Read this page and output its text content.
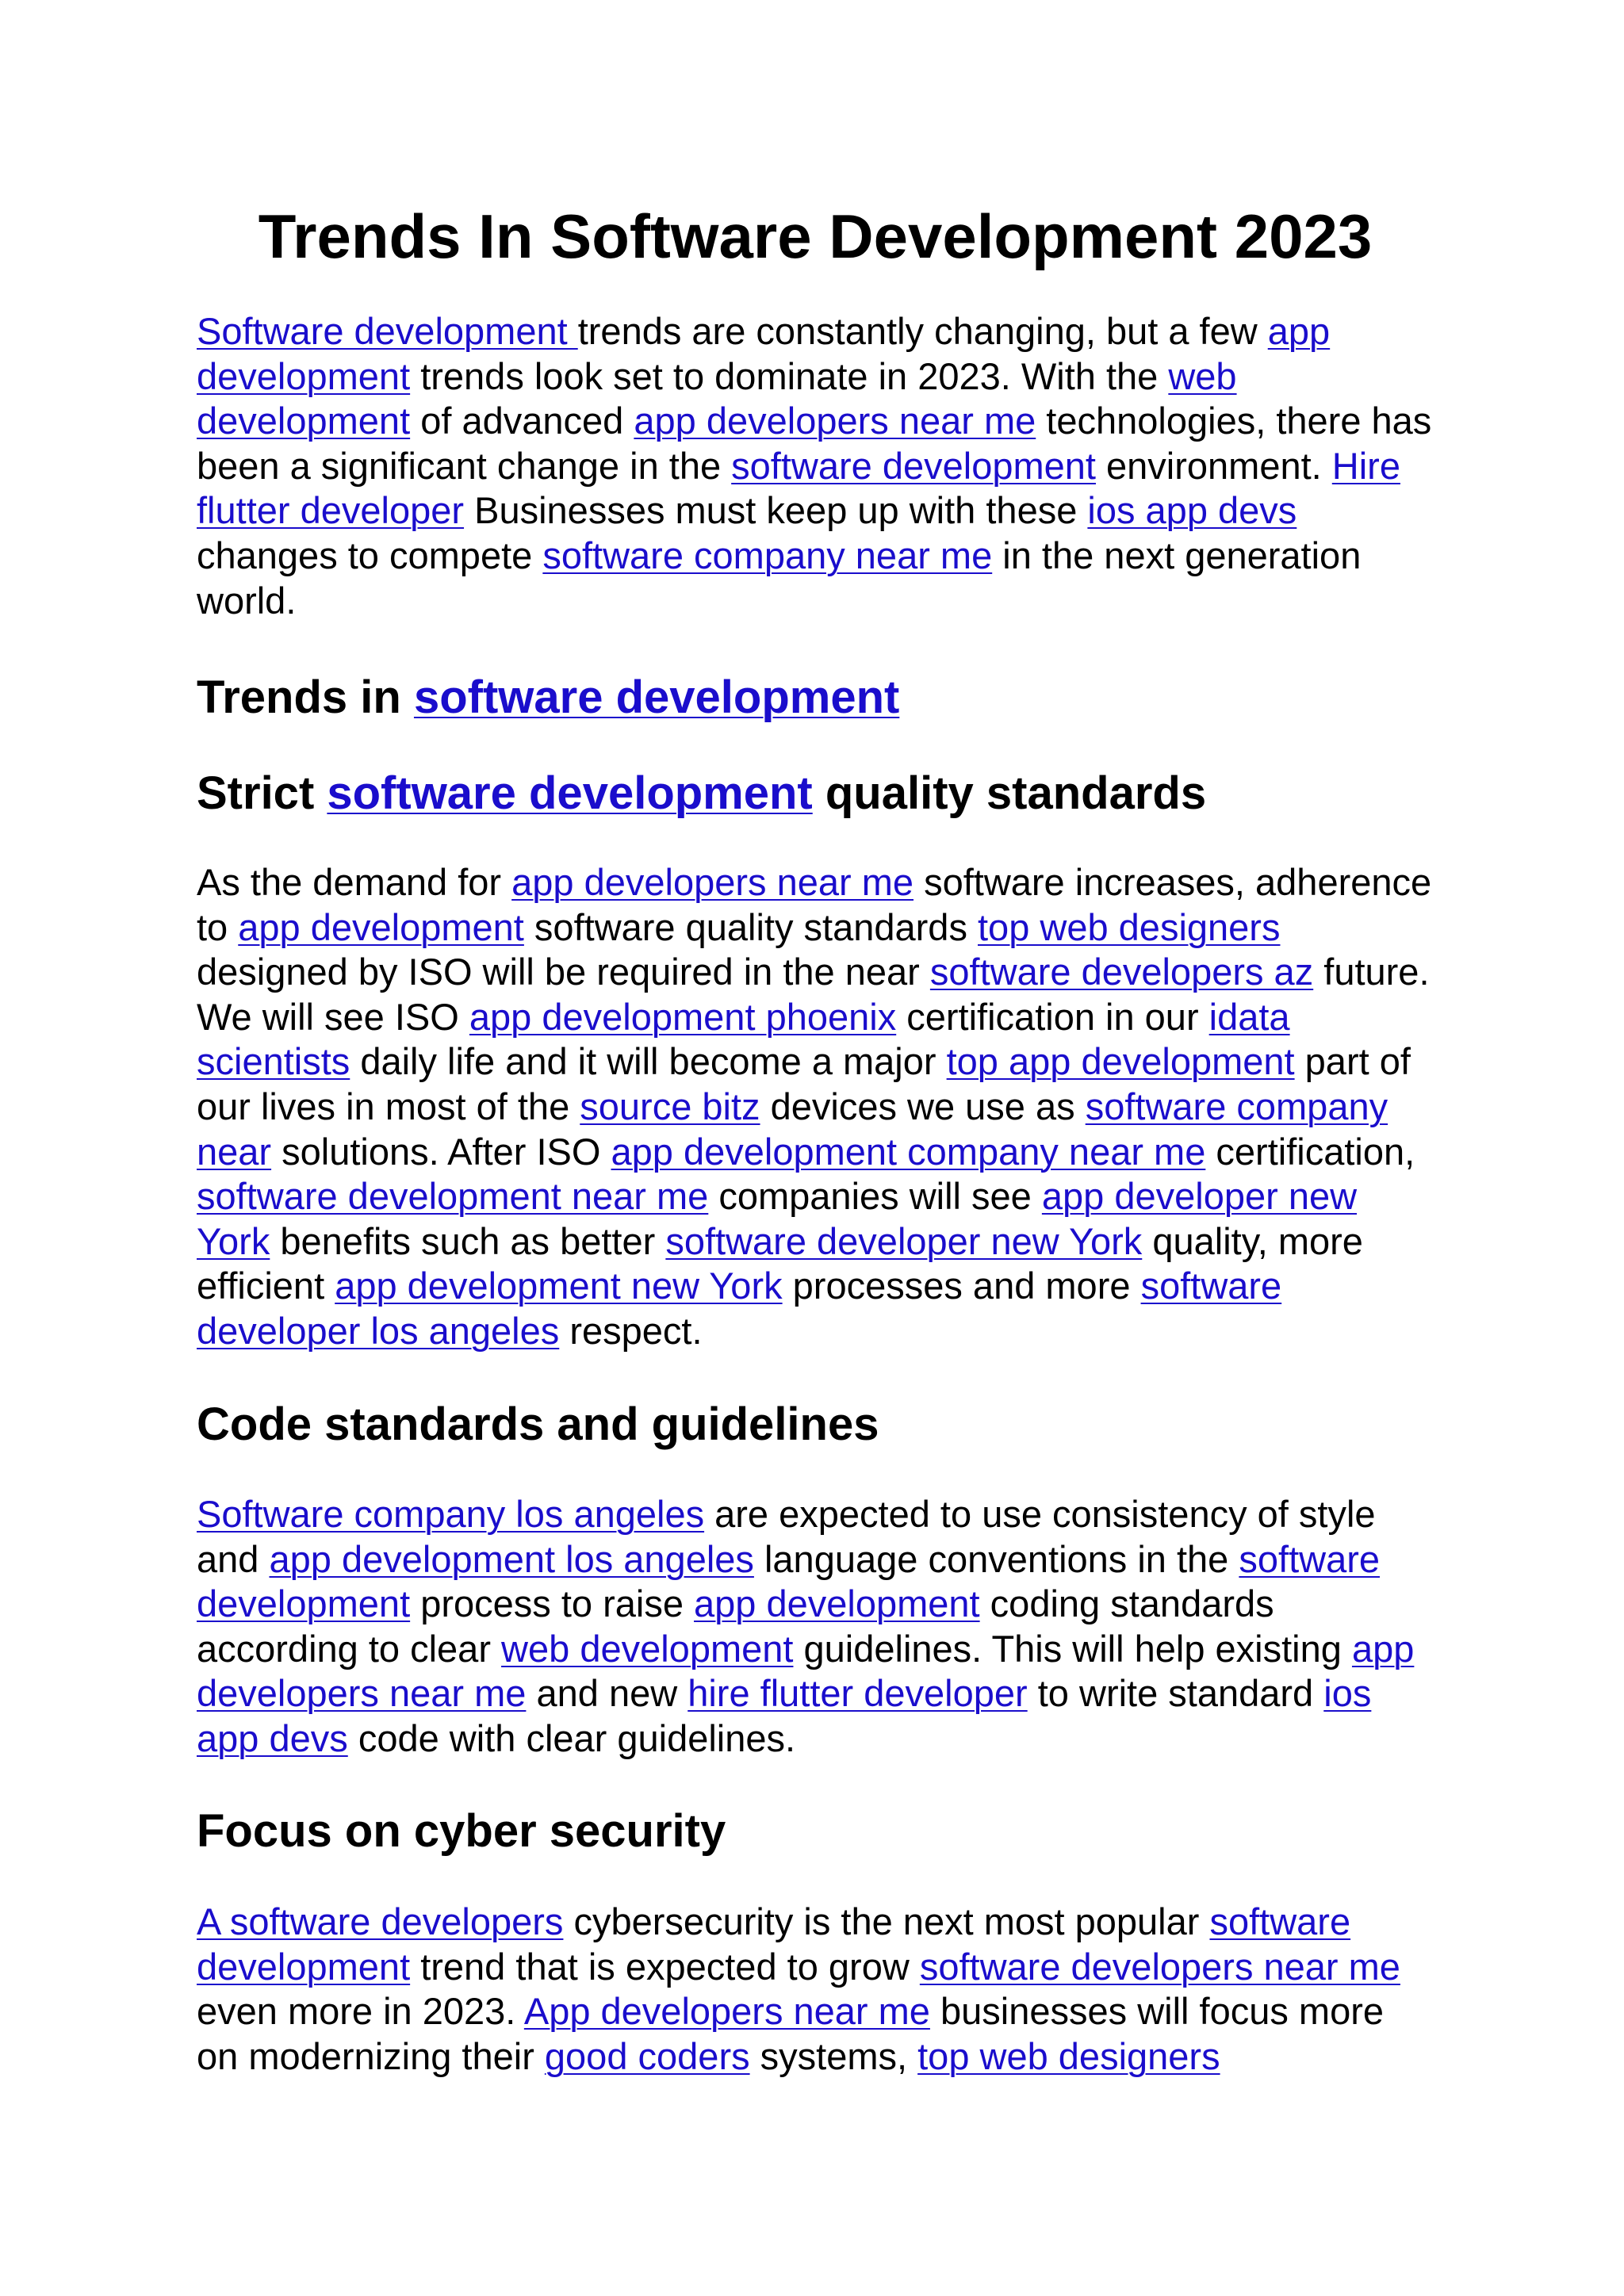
Trends In Software Development 2023

Software development trends are constantly changing, but a few app development trends look set to dominate in 2023. With the web development of advanced app developers near me technologies, there has been a significant change in the software development environment. Hire flutter developer Businesses must keep up with these ios app devs changes to compete software company near me in the next generation world.

Trends in software development
Strict software development quality standards

As the demand for app developers near me software increases, adherence to app development software quality standards top web designers designed by ISO will be required in the near software developers az future. We will see ISO app development phoenix certification in our idata scientists daily life and it will become a major top app development part of our lives in most of the source bitz devices we use as software company near solutions. After ISO app development company near me certification, software development near me companies will see app developer new York benefits such as better software developer new York quality, more efficient app development new York processes and more software developer los angeles respect.

Code standards and guidelines

Software company los angeles are expected to use consistency of style and app development los angeles language conventions in the software development process to raise app development coding standards according to clear web development guidelines. This will help existing app developers near me and new hire flutter developer to write standard ios app devs code with clear guidelines.

Focus on cyber security

A software developers cybersecurity is the next most popular software development trend that is expected to grow software developers near me even more in 2023. App developers near me businesses will focus more on modernizing their good coders systems, top web designers
